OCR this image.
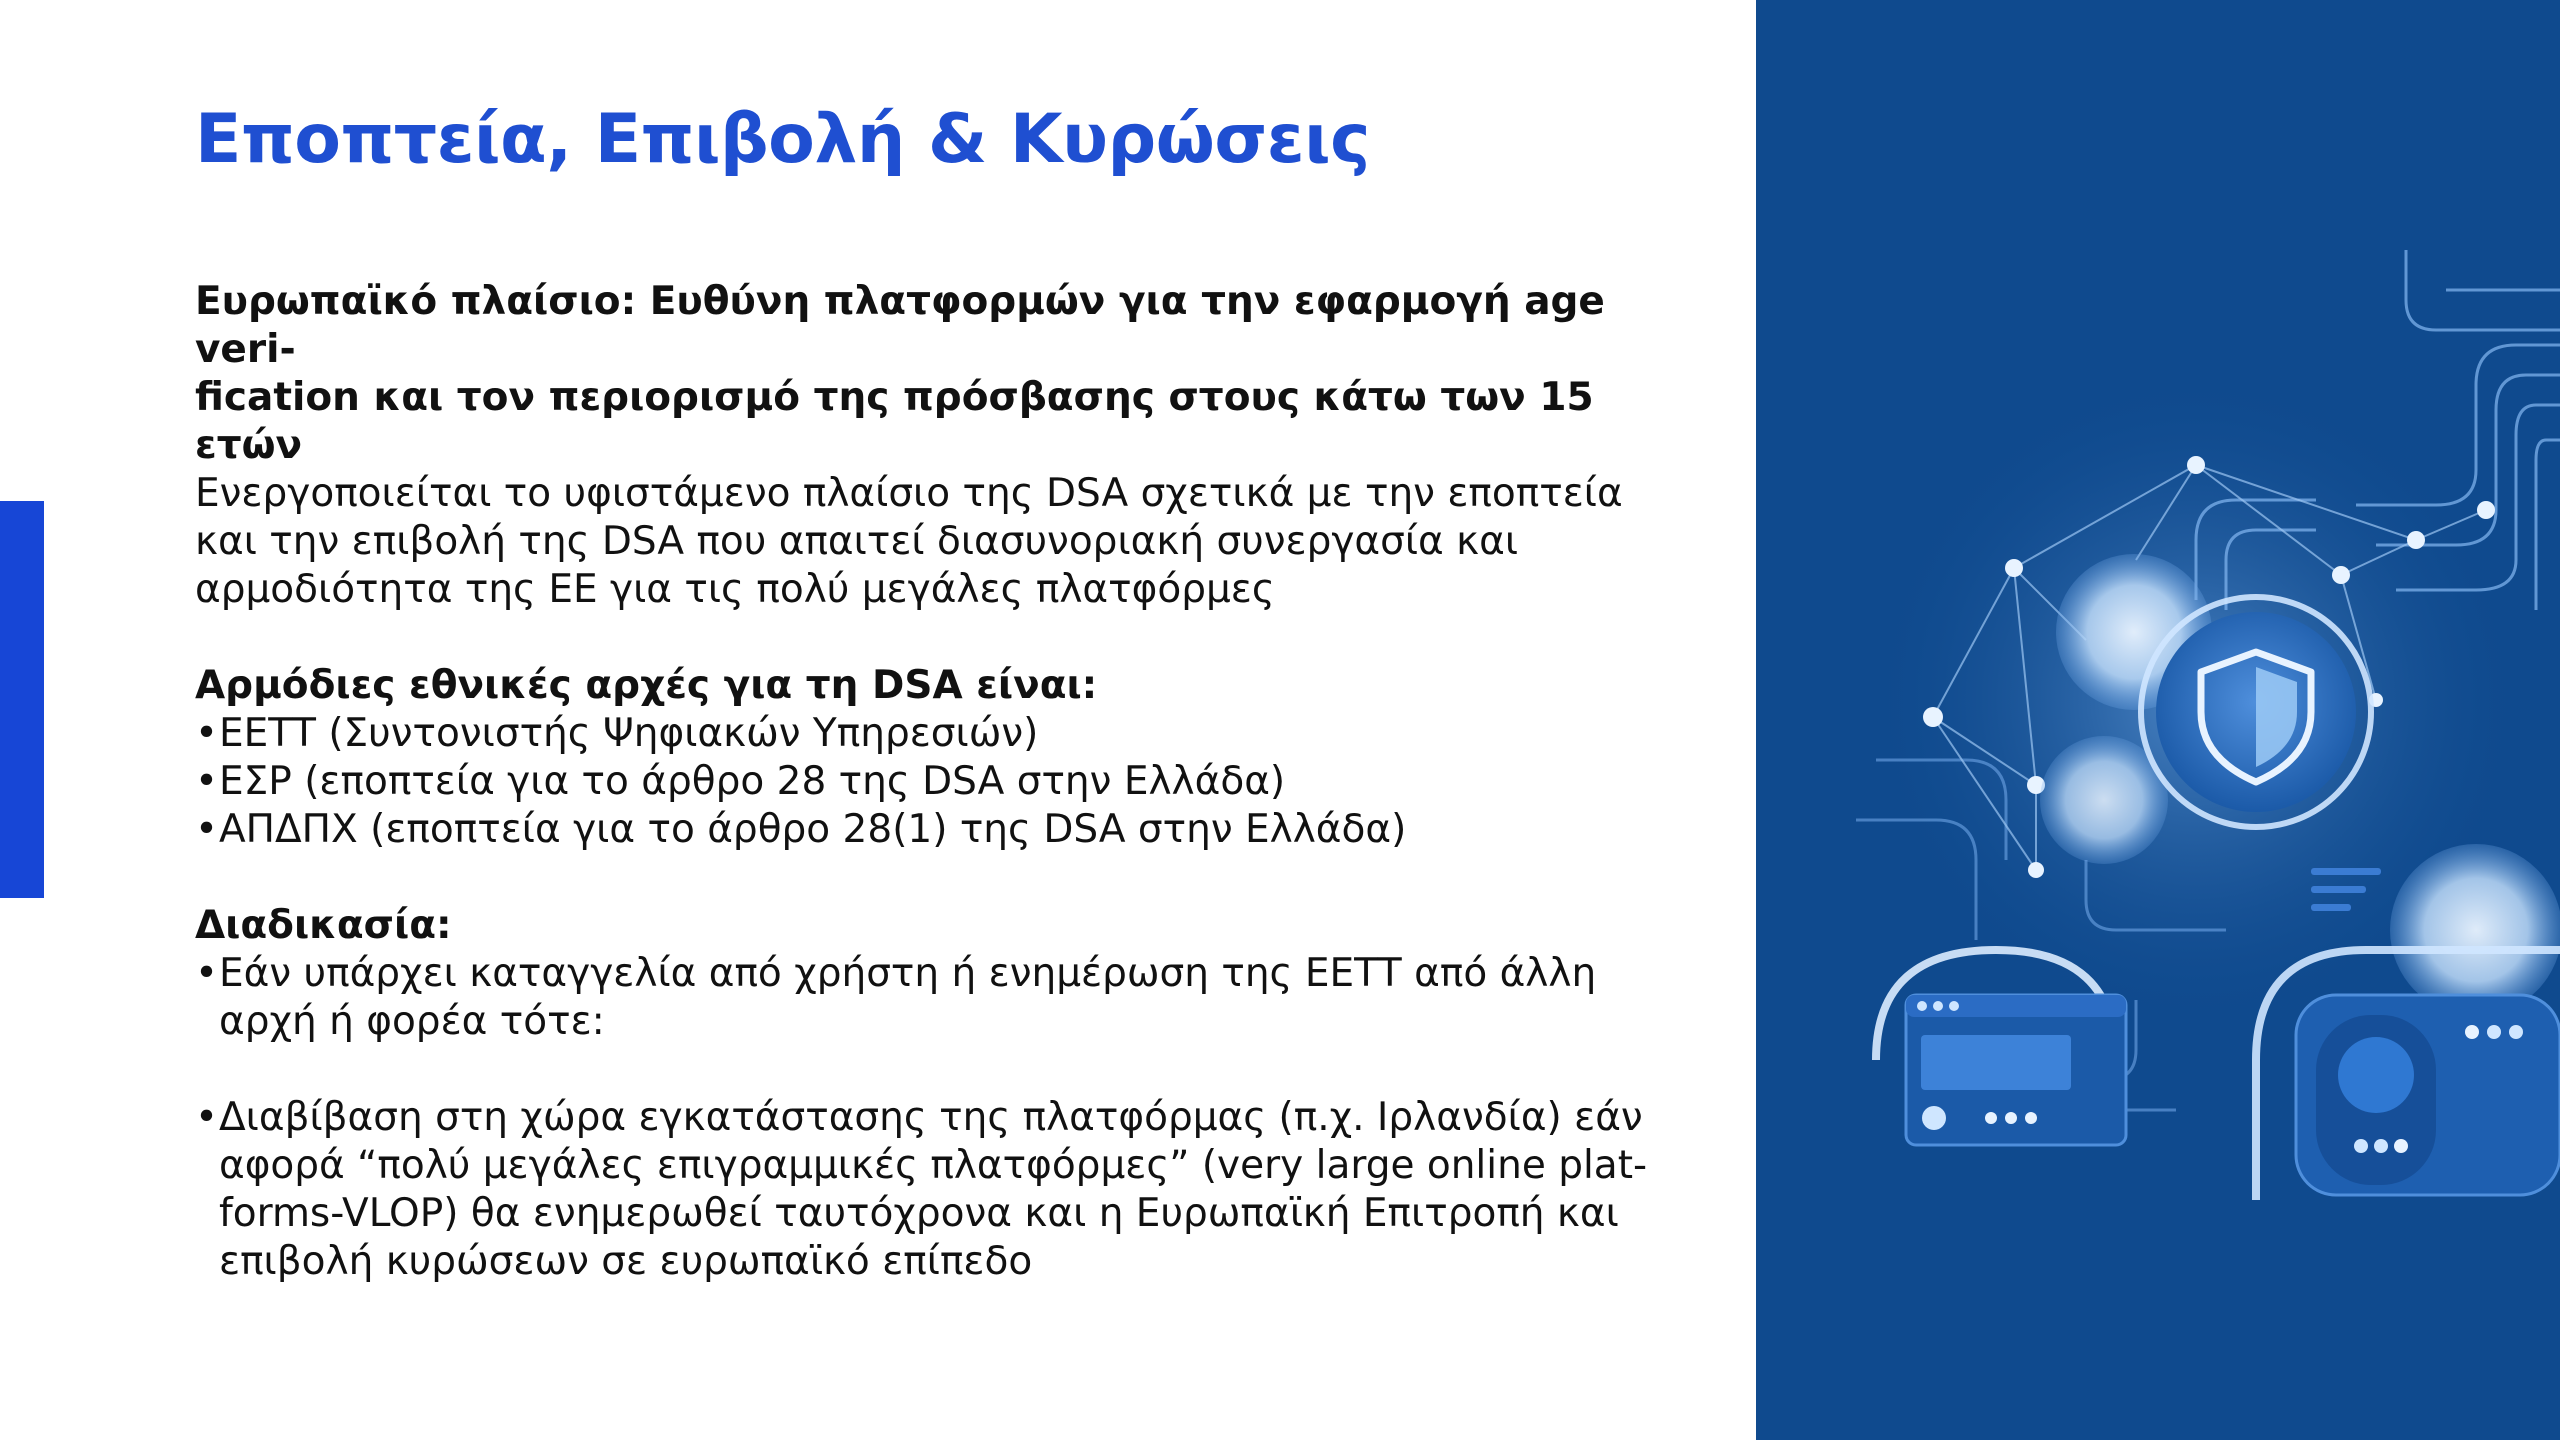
Εποπτεία, Επιβολή & Κυρώσεις

Ευρωπαϊκό πλαίσιο: Ευθύνη πλατφορμών για την εφαρμογή age veri-
fication και τον περιορισμό της πρόσβασης στους κάτω των 15 ετών

Ενεργοποιείται το υφιστάμενο πλαίσιο της DSA σχετικά με την εποπτεία
και την επιβολή της DSA που απαιτεί διασυνοριακή συνεργασία και
αρμοδιότητα της ΕΕ για τις πολύ μεγάλες πλατφόρμες

Αρμόδιες εθνικές αρχές για τη DSA είναι:

• ΕΕΤΤ (Συντονιστής Ψηφιακών Υπηρεσιών)
• ΕΣΡ (εποπτεία για το άρθρο 28 της DSA στην Ελλάδα)
• ΑΠΔΠΧ (εποπτεία για το άρθρο 28(1) της DSA στην Ελλάδα)

Διαδικασία:

• Εάν υπάρχει καταγγελία από χρήστη ή ενημέρωση της ΕΕΤΤ από άλλη
αρχή ή φορέα τότε:
• Διαβίβαση στη χώρα εγκατάστασης της πλατφόρμας (π.χ. Ιρλανδία) εάν
αφορά “πολύ μεγάλες επιγραμμικές πλατφόρμες” (very large online plat-
forms-VLOP) θα ενημερωθεί ταυτόχρονα και η Ευρωπαϊκή Επιτροπή και
επιβολή κυρώσεων σε ευρωπαϊκό επίπεδο
